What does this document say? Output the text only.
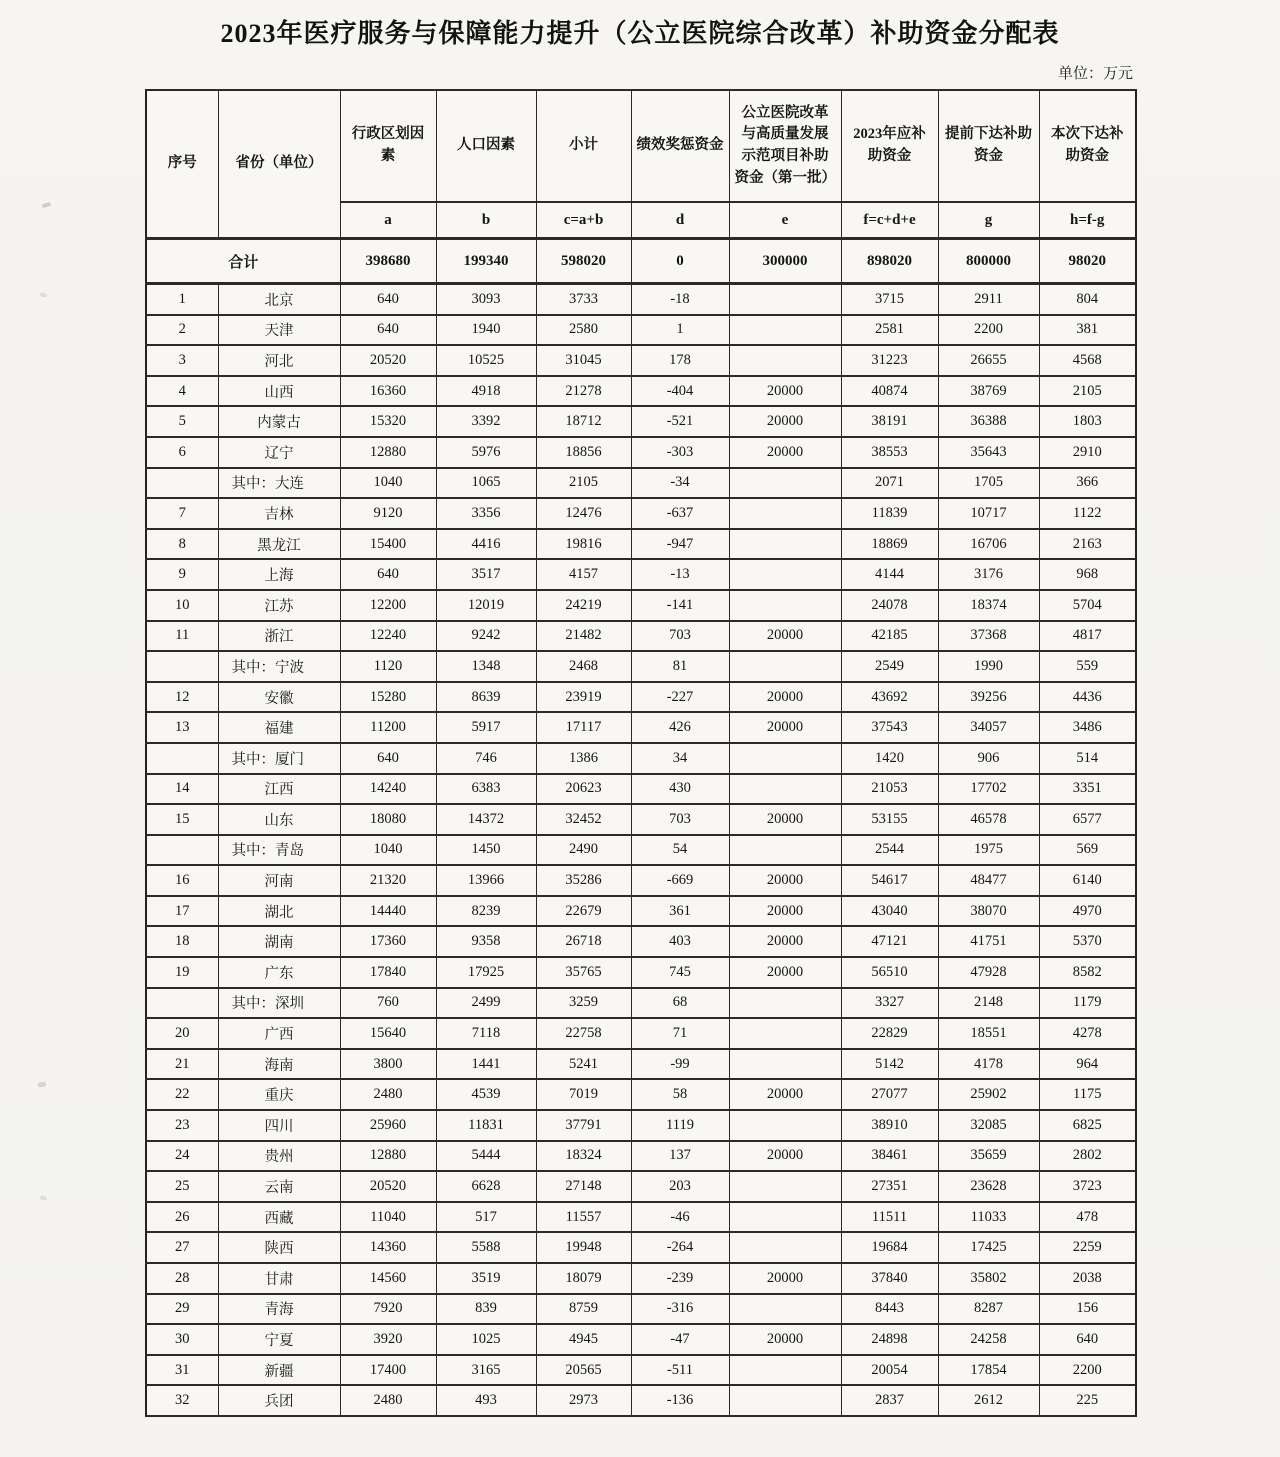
2023年医疗服务与保障能力提升（公立医院综合改革）补助资金分配表
单位：万元
序号	省份（单位）	行政区划因素	人口因素	小计	绩效奖惩资金	公立医院改革与高质量发展示范项目补助资金（第一批）	2023年应补助资金	提前下达补助资金	本次下达补助资金
		a	b	c=a+b	d	e	f=c+d+e	g	h=f-g
合计		398680	199340	598020	0	300000	898020	800000	98020
1	北京	640	3093	3733	-18		3715	2911	804
2	天津	640	1940	2580	1		2581	2200	381
3	河北	20520	10525	31045	178		31223	26655	4568
4	山西	16360	4918	21278	-404	20000	40874	38769	2105
5	内蒙古	15320	3392	18712	-521	20000	38191	36388	1803
6	辽宁	12880	5976	18856	-303	20000	38553	35643	2910
	其中：大连	1040	1065	2105	-34		2071	1705	366
7	吉林	9120	3356	12476	-637		11839	10717	1122
8	黑龙江	15400	4416	19816	-947		18869	16706	2163
9	上海	640	3517	4157	-13		4144	3176	968
10	江苏	12200	12019	24219	-141		24078	18374	5704
11	浙江	12240	9242	21482	703	20000	42185	37368	4817
	其中：宁波	1120	1348	2468	81		2549	1990	559
12	安徽	15280	8639	23919	-227	20000	43692	39256	4436
13	福建	11200	5917	17117	426	20000	37543	34057	3486
	其中：厦门	640	746	1386	34		1420	906	514
14	江西	14240	6383	20623	430		21053	17702	3351
15	山东	18080	14372	32452	703	20000	53155	46578	6577
	其中：青岛	1040	1450	2490	54		2544	1975	569
16	河南	21320	13966	35286	-669	20000	54617	48477	6140
17	湖北	14440	8239	22679	361	20000	43040	38070	4970
18	湖南	17360	9358	26718	403	20000	47121	41751	5370
19	广东	17840	17925	35765	745	20000	56510	47928	8582
	其中：深圳	760	2499	3259	68		3327	2148	1179
20	广西	15640	7118	22758	71		22829	18551	4278
21	海南	3800	1441	5241	-99		5142	4178	964
22	重庆	2480	4539	7019	58	20000	27077	25902	1175
23	四川	25960	11831	37791	1119		38910	32085	6825
24	贵州	12880	5444	18324	137	20000	38461	35659	2802
25	云南	20520	6628	27148	203		27351	23628	3723
26	西藏	11040	517	11557	-46		11511	11033	478
27	陕西	14360	5588	19948	-264		19684	17425	2259
28	甘肃	14560	3519	18079	-239	20000	37840	35802	2038
29	青海	7920	839	8759	-316		8443	8287	156
30	宁夏	3920	1025	4945	-47	20000	24898	24258	640
31	新疆	17400	3165	20565	-511		20054	17854	2200
32	兵团	2480	493	2973	-136		2837	2612	225
